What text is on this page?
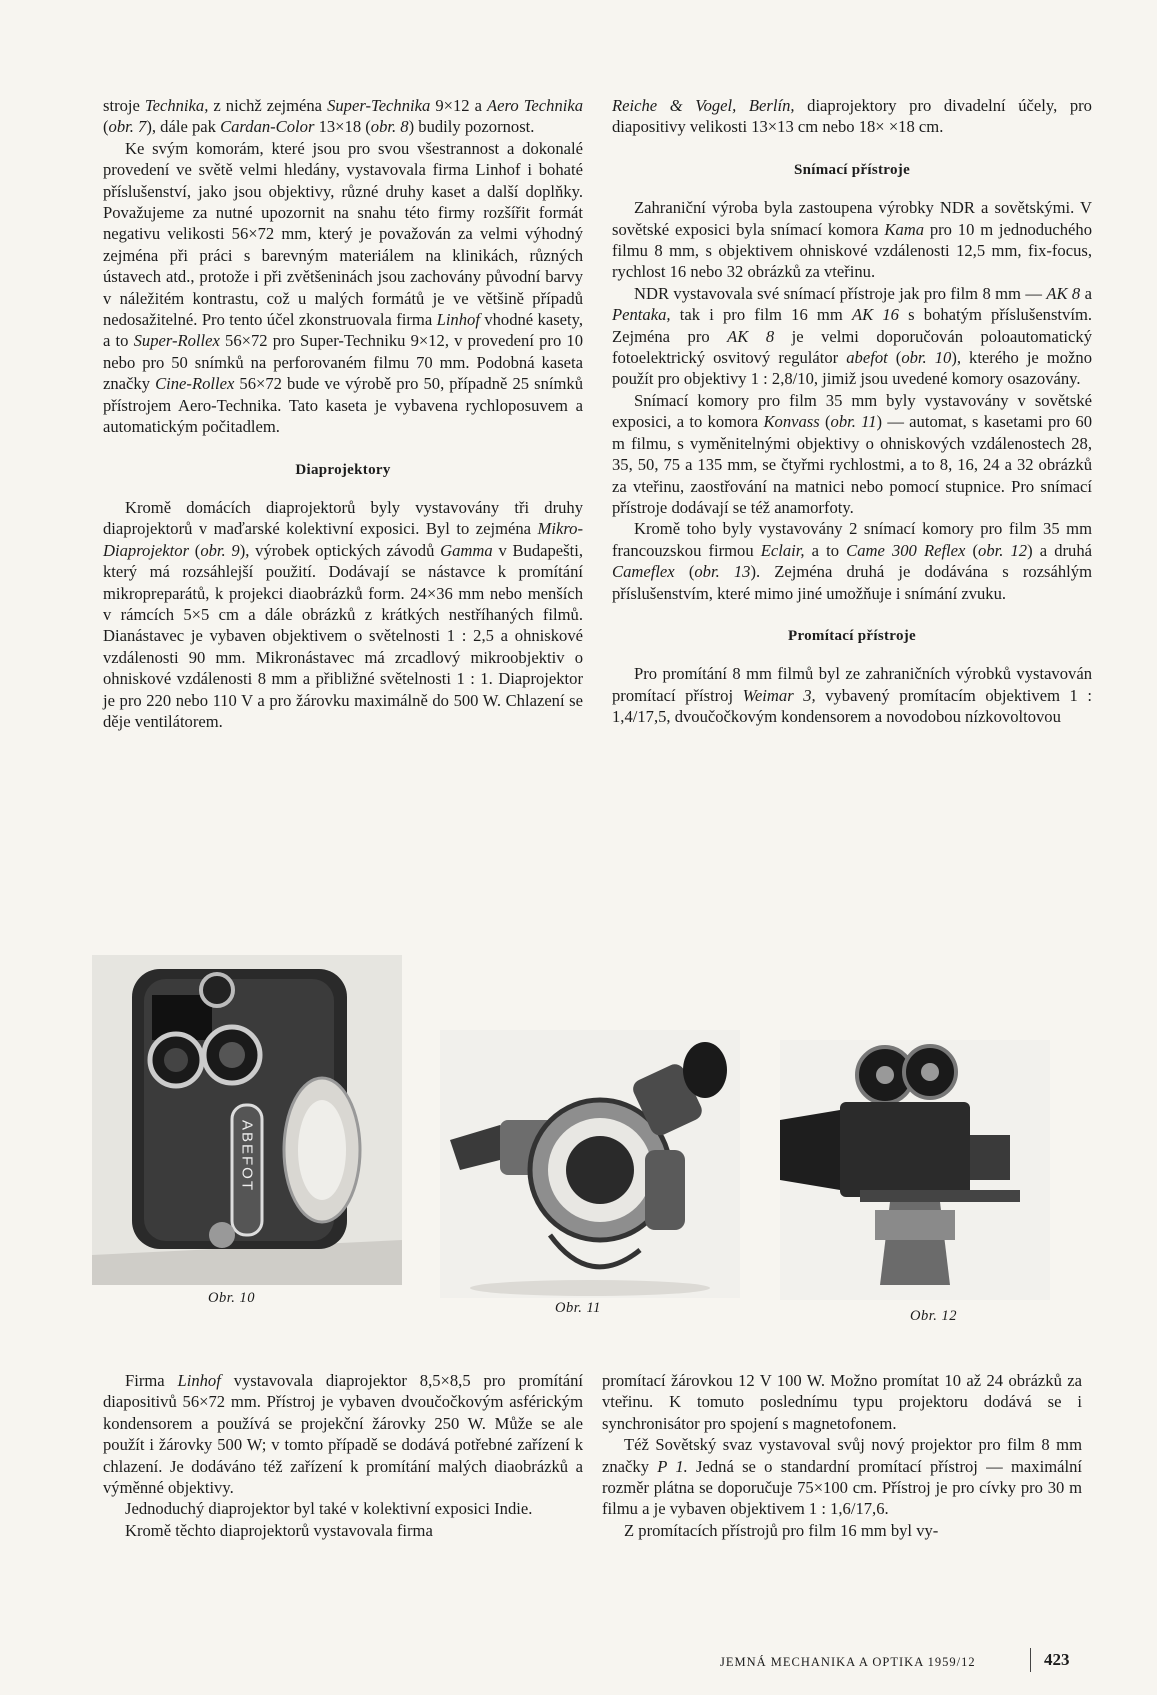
stroje Technika, z nichž zejména Super-Technika 9×12 a Aero Technika (obr. 7), dále pak Cardan-Color 13×18 (obr. 8) budily pozornost.

Ke svým komorám, které jsou pro svou všestrannost a dokonalé provedení ve světě velmi hledány, vystavovala firma Linhof i bohaté příslušenství, jako jsou objektivy, různé druhy kaset a další doplňky. Považujeme za nutné upozornit na snahu této firmy rozšířit formát negativu velikosti 56×72 mm, který je považován za velmi výhodný zejména při práci s barevným materiálem na klinikách, různých ústavech atd., protože i při zvětšeninách jsou zachovány původní barvy v náležitém kontrastu, což u malých formátů je ve většině případů nedosažitelné. Pro tento účel zkonstruovala firma Linhof vhodné kasety, a to Super-Rollex 56×72 pro Super-Techniku 9×12, v provedení pro 10 nebo pro 50 snímků na perforovaném filmu 70 mm. Podobná kaseta značky Cine-Rollex 56×72 bude ve výrobě pro 50, případně 25 snímků přístrojem Aero-Technika. Tato kaseta je vybavena rychloposuvem a automatickým počitadlem.

Diaprojektory

Kromě domácích diaprojektorů byly vystavovány tři druhy diaprojektorů v maďarské kolektivní exposici. Byl to zejména Mikro-Diaprojektor (obr. 9), výrobek optických závodů Gamma v Budapešti, který má rozsáhlejší použití. Dodávají se nástavce k promítání mikropreparátů, k projekci diaobrázků form. 24×36 mm nebo menších v rámcích 5×5 cm a dále obrázků z krátkých nestříhaných filmů. Dianástavec je vybaven objektivem o světelnosti 1 : 2,5 a ohniskové vzdálenosti 90 mm. Mikronástavec má zrcadlový mikroobjektiv o ohniskové vzdálenosti 8 mm a přibližné světelnosti 1 : 1. Diaprojektor je pro 220 nebo 110 V a pro žárovku maximálně do 500 W. Chlazení se děje ventilátorem.

Reiche & Vogel, Berlín, diaprojektory pro divadelní účely, pro diapositivy velikosti 13×13 cm nebo 18× ×18 cm.

Snímací přístroje

Zahraniční výroba byla zastoupena výrobky NDR a sovětskými. V sovětské exposici byla snímací komora Kama pro 10 m jednoduchého filmu 8 mm, s objektivem ohniskové vzdálenosti 12,5 mm, fix-focus, rychlost 16 nebo 32 obrázků za vteřinu.

NDR vystavovala své snímací přístroje jak pro film 8 mm — AK 8 a Pentaka, tak i pro film 16 mm AK 16 s bohatým příslušenstvím. Zejména pro AK 8 je velmi doporučován poloautomatický fotoelektrický osvitový regulátor abefot (obr. 10), kterého je možno použít pro objektivy 1 : 2,8/10, jimiž jsou uvedené komory osazovány.

Snímací komory pro film 35 mm byly vystavovány v sovětské exposici, a to komora Konvass (obr. 11) — automat, s kasetami pro 60 m filmu, s vyměnitelnými objektivy o ohniskových vzdálenostech 28, 35, 50, 75 a 135 mm, se čtyřmi rychlostmi, a to 8, 16, 24 a 32 obrázků za vteřinu, zaostřování na matnici nebo pomocí stupnice. Pro snímací přístroje dodávají se též anamorfoty.

Kromě toho byly vystavovány 2 snímací komory pro film 35 mm francouzskou firmou Eclair, a to Came 300 Reflex (obr. 12) a druhá Cameflex (obr. 13). Zejména druhá je dodávána s rozsáhlým příslušenstvím, které mimo jiné umožňuje i snímání zvuku.

Promítací přístroje

Pro promítání 8 mm filmů byl ze zahraničních výrobků vystavován promítací přístroj Weimar 3, vybavený promítacím objektivem 1 : 1,4/17,5, dvoučočkovým kondensorem a novodobou nízkovoltovou

ABEFOT
Obr. 10
Obr. 11	Obr. 12

Firma Linhof vystavovala diaprojektor 8,5×8,5 pro promítání diapositivů 56×72 mm. Přístroj je vybaven dvoučočkovým asférickým kondensorem a používá se projekční žárovky 250 W. Může se ale použít i žárovky 500 W; v tomto případě se dodává potřebné zařízení k chlazení. Je dodáváno též zařízení k promítání malých diaobrázků a výměnné objektivy.

Jednoduchý diaprojektor byl také v kolektivní exposici Indie.

Kromě těchto diaprojektorů vystavovala firma

promítací žárovkou 12 V 100 W. Možno promítat 10 až 24 obrázků za vteřinu. K tomuto poslednímu typu projektoru dodává se i synchronisátor pro spojení s magnetofonem.

Též Sovětský svaz vystavoval svůj nový projektor pro film 8 mm značky P 1. Jedná se o standardní promítací přístroj — maximální rozměr plátna se doporučuje 75×100 cm. Přístroj je pro cívky pro 30 m filmu a je vybaven objektivem 1 : 1,6/17,6.

Z promítacích přístrojů pro film 16 mm byl vy-

JEMNÁ MECHANIKA A OPTIKA 1959/12	423
